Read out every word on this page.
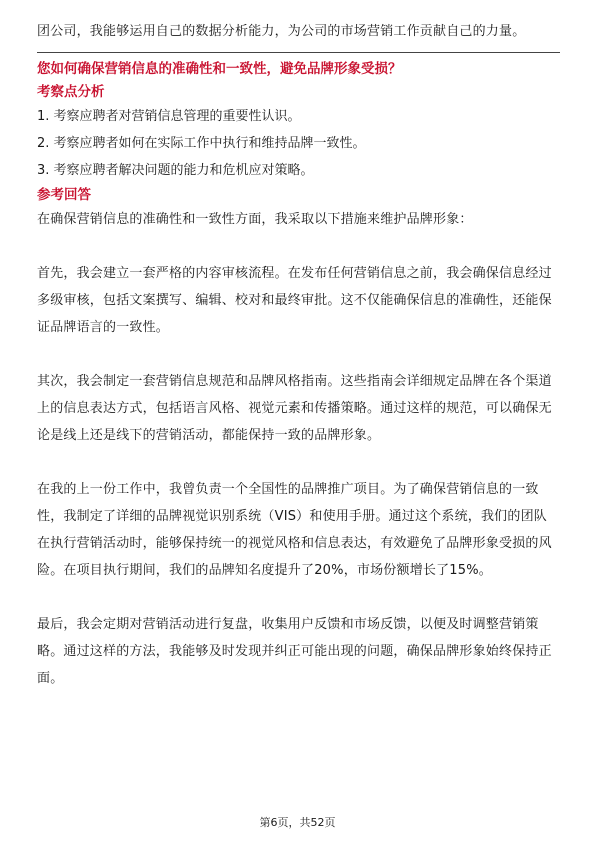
团公司，我能够运用自己的数据分析能力，为公司的市场营销工作贡献自己的力量。

您如何确保营销信息的准确性和一致性，避免品牌形象受损？

考察点分析

1. 考察应聘者对营销信息管理的重要性认识。
2. 考察应聘者如何在实际工作中执行和维持品牌一致性。
3. 考察应聘者解决问题的能力和危机应对策略。

参考回答

在确保营销信息的准确性和一致性方面，我采取以下措施来维护品牌形象：

首先，我会建立一套严格的内容审核流程。在发布任何营销信息之前，我会确保信息经过多级审核，包括文案撰写、编辑、校对和最终审批。这不仅能确保信息的准确性，还能保证品牌语言的一致性。

其次，我会制定一套营销信息规范和品牌风格指南。这些指南会详细规定品牌在各个渠道上的信息表达方式，包括语言风格、视觉元素和传播策略。通过这样的规范，可以确保无论是线上还是线下的营销活动，都能保持一致的品牌形象。

在我的上一份工作中，我曾负责一个全国性的品牌推广项目。为了确保营销信息的一致性，我制定了详细的品牌视觉识别系统（VIS）和使用手册。通过这个系统，我们的团队在执行营销活动时，能够保持统一的视觉风格和信息表达，有效避免了品牌形象受损的风险。在项目执行期间，我们的品牌知名度提升了20%，市场份额增长了15%。

最后，我会定期对营销活动进行复盘，收集用户反馈和市场反馈，以便及时调整营销策略。通过这样的方法，我能够及时发现并纠正可能出现的问题，确保品牌形象始终保持正面。

第6页，共52页
